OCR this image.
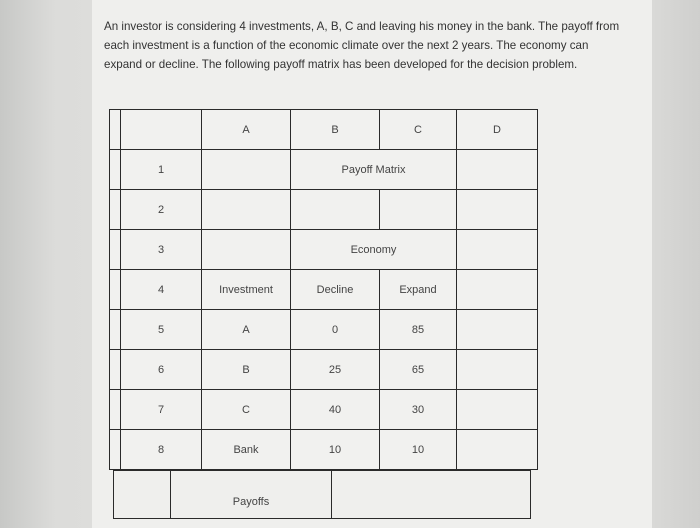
An investor is considering 4 investments, A, B, C and leaving his money in the bank. The payoff from each investment is a function of the economic climate over the next 2 years. The economy can expand or decline. The following payoff matrix has been developed for the decision problem.
		A	B	C	D
	1		Payoff Matrix		
	2				
	3		Economy		
	4	Investment	Decline	Expand	
	5	A	0	85	
	6	B	25	65	
	7	C	40	30	
	8	Bank	10	10	
	Payoffs	
